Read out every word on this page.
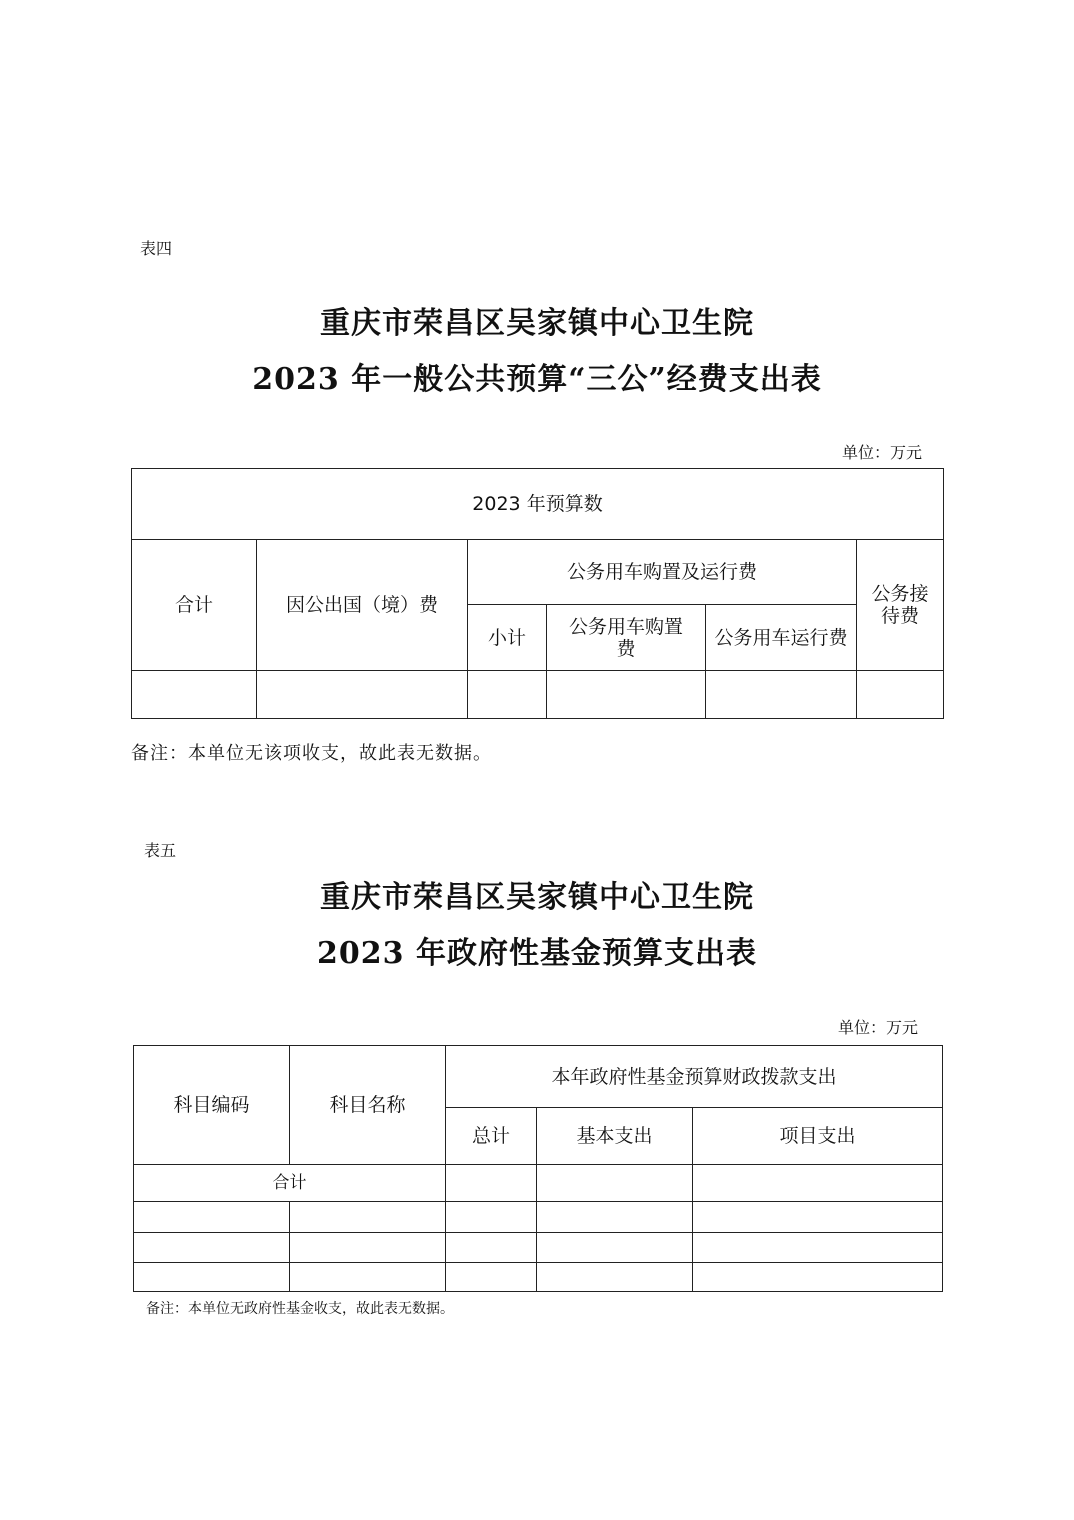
表四
重庆市荣昌区吴家镇中心卫生院
2023 年一般公共预算“三公”经费支出表
单位：万元
2023 年预算数					
合计	因公出国（境）费	公务用车购置及运行费			公务接待费
		小计	公务用车购置费	公务用车运行费	

备注：本单位无该项收支，故此表无数据。
表五
重庆市荣昌区吴家镇中心卫生院
2023 年政府性基金预算支出表
单位：万元
科目编码	科目名称	本年政府性基金预算财政拨款支出		
		总计	基本支出	项目支出
合计				

备注：本单位无政府性基金收支，故此表无数据。
